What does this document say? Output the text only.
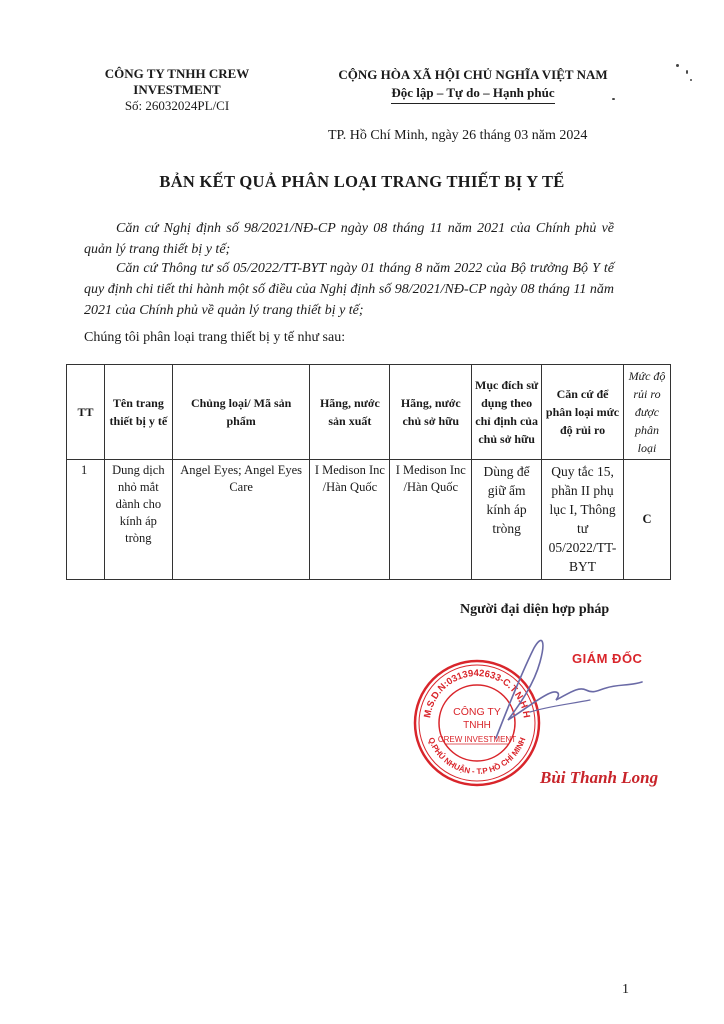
CÔNG TY TNHH CREW
INVESTMENT
Số: 26032024PL/CI
CỘNG HÒA XÃ HỘI CHỦ NGHĨA VIỆT NAM
Độc lập – Tự do – Hạnh phúc
TP. Hồ Chí Minh, ngày 26 tháng 03 năm 2024
BẢN KẾT QUẢ PHÂN LOẠI TRANG THIẾT BỊ Y TẾ
Căn cứ Nghị định số 98/2021/NĐ-CP ngày 08 tháng 11 năm 2021 của Chính phủ về quản lý trang thiết bị y tế;
Căn cứ Thông tư số 05/2022/TT-BYT ngày 01 tháng 8 năm 2022 của Bộ trưởng Bộ Y tế quy định chi tiết thi hành một số điều của Nghị định số 98/2021/NĐ-CP ngày 08 tháng 11 năm 2021 của Chính phủ về quản lý trang thiết bị y tế;
Chúng tôi phân loại trang thiết bị y tế như sau:
TT	Tên trang thiết bị y tế	Chủng loại/ Mã sản phẩm	Hãng, nước sản xuất	Hãng, nước chủ sở hữu	Mục đích sử dụng theo chỉ định của chủ sở hữu	Căn cứ để phân loại mức độ rủi ro	Mức độ rủi ro được phân loại
1	Dung dịch nhỏ mắt dành cho kính áp tròng	Angel Eyes; Angel Eyes Care	I Medison Inc /Hàn Quốc	I Medison Inc /Hàn Quốc	Dùng để giữ ẩm kính áp tròng	Quy tắc 15, phần II phụ lục I, Thông tư 05/2022/TT-BYT	C
Người đại diện hợp pháp
GIÁM ĐỐC
M.S.D.N:0313942633-C.T.N.H.H
Q.PHÚ NHUẬN - T.P HỒ CHÍ MINH
CÔNG TY
TNHH
CREW INVESTMENT
Bùi Thanh Long
1
